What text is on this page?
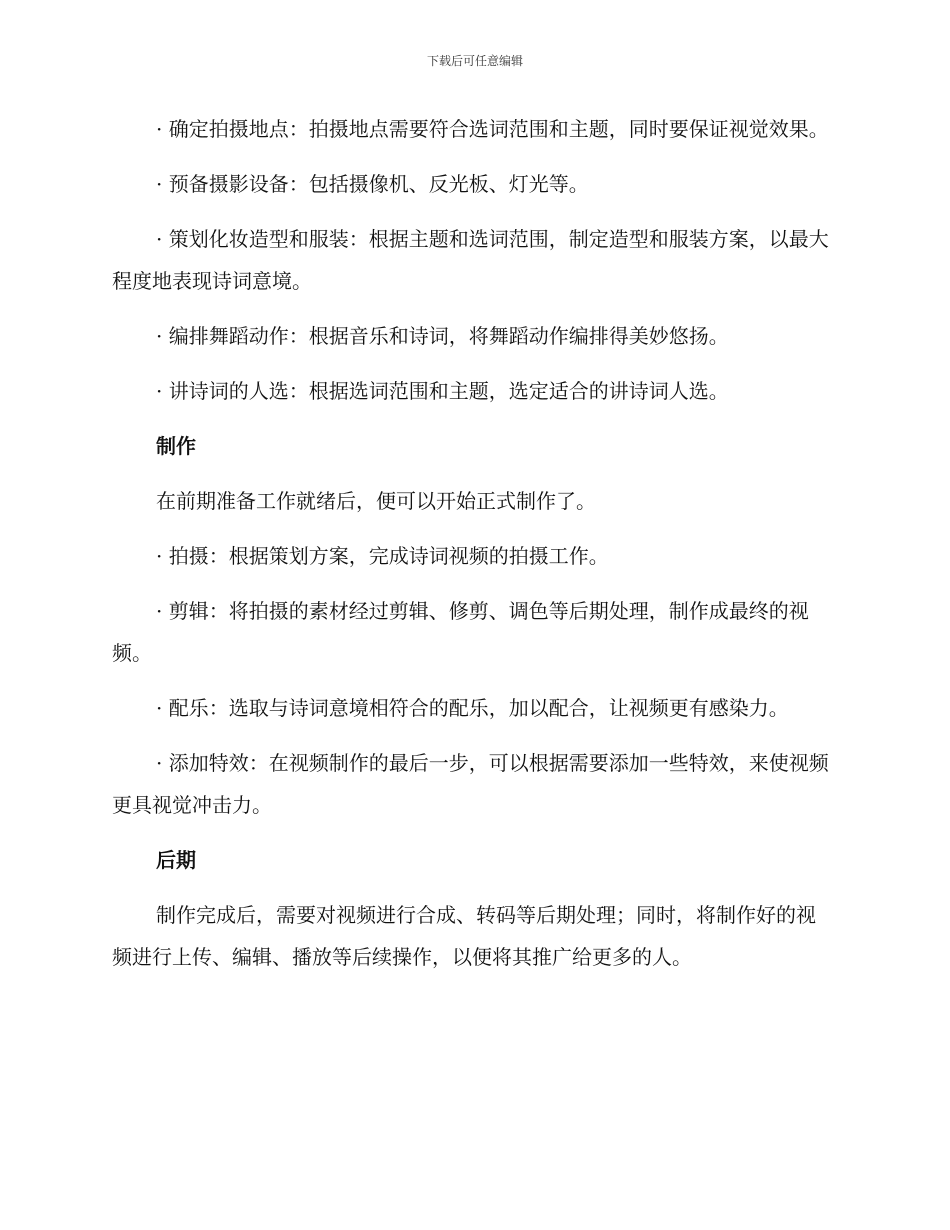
下载后可任意编辑

· 确定拍摄地点：拍摄地点需要符合选词范围和主题，同时要保证视觉效果。

· 预备摄影设备：包括摄像机、反光板、灯光等。

· 策划化妆造型和服装：根据主题和选词范围，制定造型和服装方案，以最大程度地表现诗词意境。

· 编排舞蹈动作：根据音乐和诗词，将舞蹈动作编排得美妙悠扬。

· 讲诗词的人选：根据选词范围和主题，选定适合的讲诗词人选。

制作

在前期准备工作就绪后，便可以开始正式制作了。

· 拍摄：根据策划方案，完成诗词视频的拍摄工作。

· 剪辑：将拍摄的素材经过剪辑、修剪、调色等后期处理，制作成最终的视频。

· 配乐：选取与诗词意境相符合的配乐，加以配合，让视频更有感染力。

· 添加特效：在视频制作的最后一步，可以根据需要添加一些特效，来使视频更具视觉冲击力。

后期

制作完成后，需要对视频进行合成、转码等后期处理；同时，将制作好的视频进行上传、编辑、播放等后续操作，以便将其推广给更多的人。
